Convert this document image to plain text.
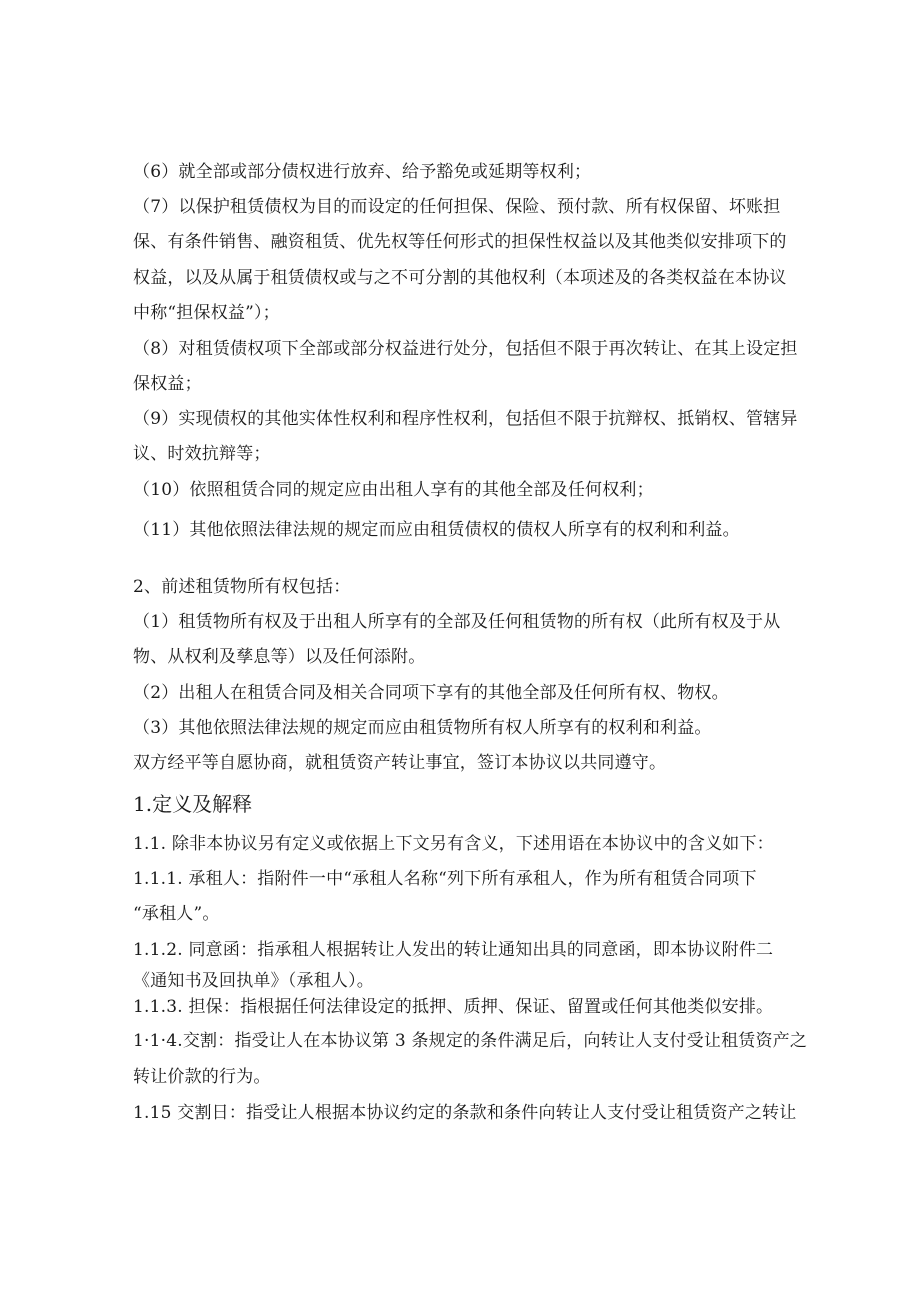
（6）就全部或部分债权进行放弃、给予豁免或延期等权利；
（7）以保护租赁债权为目的而设定的任何担保、保险、预付款、所有权保留、坏账担
保、有条件销售、融资租赁、优先权等任何形式的担保性权益以及其他类似安排项下的
权益，以及从属于租赁债权或与之不可分割的其他权利（本项述及的各类权益在本协议
中称“担保权益”）；
（8）对租赁债权项下全部或部分权益进行处分，包括但不限于再次转让、在其上设定担
保权益；
（9）实现债权的其他实体性权利和程序性权利，包括但不限于抗辩权、抵销权、管辖异
议、时效抗辩等；
（10）依照租赁合同的规定应由出租人享有的其他全部及任何权利；
（11）其他依照法律法规的规定而应由租赁债权的债权人所享有的权利和利益。
2、前述租赁物所有权包括：
（1）租赁物所有权及于出租人所享有的全部及任何租赁物的所有权（此所有权及于从
物、从权利及孳息等）以及任何添附。
（2）出租人在租赁合同及相关合同项下享有的其他全部及任何所有权、物权。
（3）其他依照法律法规的规定而应由租赁物所有权人所享有的权利和利益。
双方经平等自愿协商，就租赁资产转让事宜，签订本协议以共同遵守。
1.定义及解释
1.1. 除非本协议另有定义或依据上下文另有含义，下述用语在本协议中的含义如下：
1.1.1. 承租人：指附件一中“承租人名称“列下所有承租人，作为所有租赁合同项下
“承租人”。
1.1.2. 同意函：指承租人根据转让人发出的转让通知出具的同意函，即本协议附件二
《通知书及回执单》（承租人）。
1.1.3. 担保：指根据任何法律设定的抵押、质押、保证、留置或任何其他类似安排。
1·1·4.交割：指受让人在本协议第 3 条规定的条件满足后，向转让人支付受让租赁资产之
转让价款的行为。
1.15 交割日：指受让人根据本协议约定的条款和条件向转让人支付受让租赁资产之转让
